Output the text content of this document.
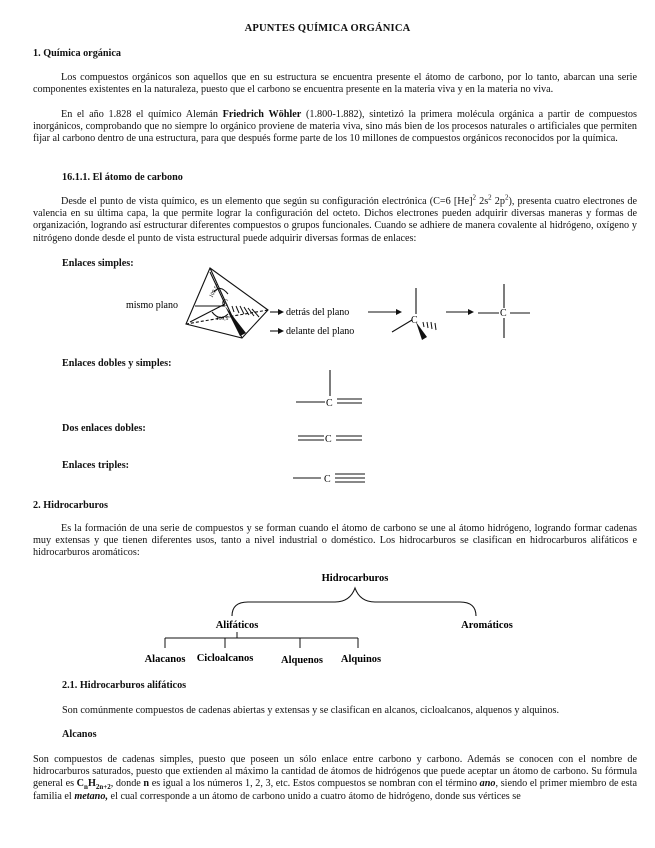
APUNTES QUÍMICA ORGÁNICA
1. Química orgánica
Los compuestos orgánicos son aquellos que en su estructura se encuentra presente el átomo de carbono, por lo tanto, abarcan una serie componentes existentes en la naturaleza, puesto que el carbono se encuentra presente en la materia viva y en la materia no viva.
En el año 1.828 el químico Alemán Friedrich Wöhler (1.800-1.882), sintetizó la primera molécula orgánica a partir de compuestos inorgánicos, comprobando que no siempre lo orgánico proviene de materia viva, sino más bien de los procesos naturales o artificiales que permiten fijar al carbono dentro de una estructura, para que después forme parte de los 10 millones de compuestos orgánicos reconocidos por la química.
16.1.1. El átomo de carbono
Desde el punto de vista químico, es un elemento que según su configuración electrónica (C=6 $[He]^2$ $2s^2$ $2p^2$), presenta cuatro electrones de valencia en su última capa, la que permite lograr la configuración del octeto. Dichos electrones pueden adquirir diversas maneras y formas de organización, logrando así estructurar diferentes compuestos o grupos funcionales. Cuando se adhiere de manera covalente al hidrógeno, oxígeno y nitrógeno donde desde el punto de vista estructural puede adquirir diversas formas de enlaces:
Enlaces simples:
C
109,5°
109,5°
mismo plano
detrás del plano
delante del plano
C
C
Enlaces dobles y simples:
C
Dos enlaces dobles:
C
Enlaces triples:
C
2. Hidrocarburos
Es la formación de una serie de compuestos y se forman cuando el átomo de carbono se une al átomo hidrógeno, logrando formar cadenas muy extensas y que tienen diferentes usos, tanto a nivel industrial o doméstico. Los hidrocarburos se clasifican en hidrocarburos alifáticos e hidrocarburos aromáticos:
Hidrocarburos
Alifáticos	Aromáticos
Alacanos Cicloalcanos	Alquenos Alquinos
2.1. Hidrocarburos alifáticos
Son comúnmente compuestos de cadenas abiertas y extensas y se clasifican en alcanos, cicloalcanos, alquenos y alquinos.
Alcanos
Son compuestos de cadenas simples, puesto que poseen un sólo enlace entre carbono y carbono. Además se conocen con el nombre de hidrocarburos saturados, puesto que extienden al máximo la cantidad de átomos de hidrógenos que puede aceptar un átomo de carbono. Su fórmula general es $C_nH_{2n+2}$, donde n es igual a los números 1, 2, 3, etc. Estos compuestos se nombran con el término ano, siendo el primer miembro de esta familia el metano, el cual corresponde a un átomo de carbono unido a cuatro átomo de hidrógeno, donde sus vértices se
